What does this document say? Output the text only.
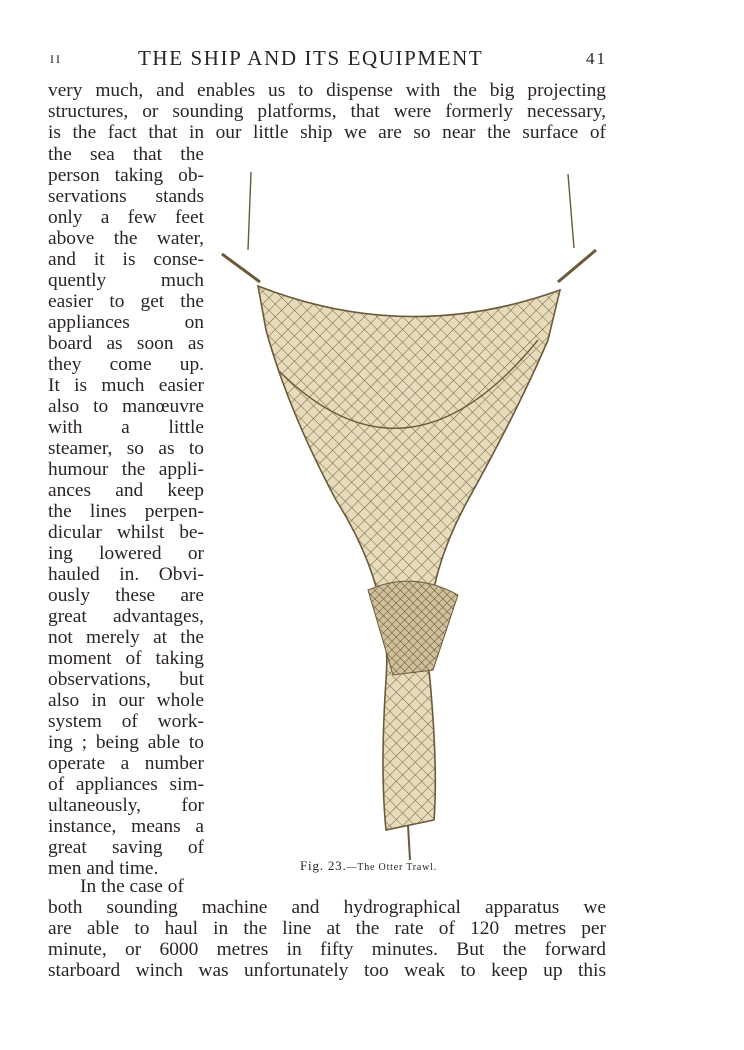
II	THE SHIP AND ITS EQUIPMENT	41
very much, and enables us to dispense with the big projecting
structures, or sounding platforms, that were formerly necessary,
is the fact that in our little ship we are so near the surface of
the sea that the
person taking ob-
servations stands
only a few feet
above the water,
and it is conse-
quently much
easier to get the
appliances on
board as soon as
they come up.
It is much easier
also to manœuvre
with a little
steamer, so as to
humour the appli-
ances and keep
the lines perpen-
dicular whilst be-
ing lowered or
hauled in. Obvi-
ously these are
great advantages,
not merely at the
moment of taking
observations, but
also in our whole
system of work-
ing ; being able to
operate a number
of appliances sim-
ultaneously, for
instance, means a
great saving of
men and time.
In the case of
both sounding machine and hydrographical apparatus we
are able to haul in the line at the rate of 120 metres per
minute, or 6000 metres in fifty minutes. But the forward
starboard winch was unfortunately too weak to keep up this
Fig. 23.—The Otter Trawl.
